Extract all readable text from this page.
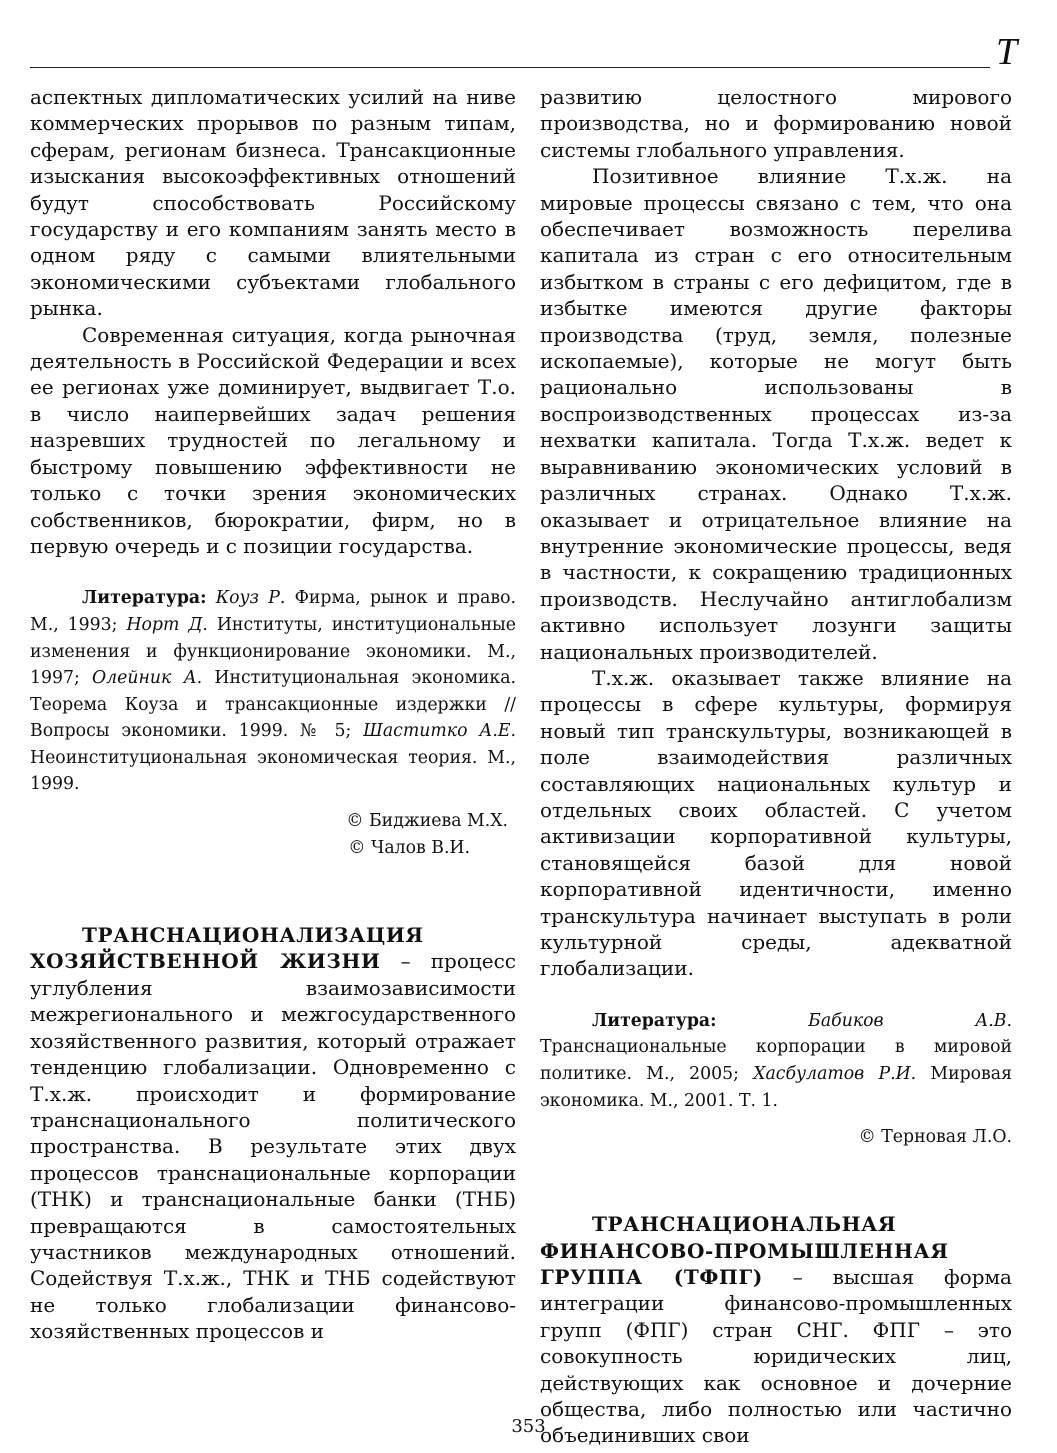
T

аспектных дипломатических усилий на ниве коммерческих прорывов по разным типам, сферам, регионам бизнеса. Трансакционные изыскания высокоэффективных отношений будут способствовать Российскому государству и его компаниям занять место в одном ряду с самыми влиятельными экономическими субъектами глобального рынка.

Современная ситуация, когда рыночная деятельность в Российской Федерации и всех ее регионах уже доминирует, выдвигает Т.о. в число наипервейших задач решения назревших трудностей по легальному и быстрому повышению эффективности не только с точки зрения экономических собственников, бюрократии, фирм, но в первую очередь и с позиции государства.

Литература: Коуз Р. Фирма, рынок и право. М., 1993; Норт Д. Институты, институциональные изменения и функционирование экономики. М., 1997; Олейник А. Институциональная экономика. Теорема Коуза и трансакционные издержки // Вопросы экономики. 1999. № 5; Шаститко А.Е. Неоинституциональная экономическая теория. М., 1999.

© Биджиева М.Х.

© Чалов В.И.

ТРАНСНАЦИОНАЛИЗАЦИЯ ХОЗЯЙСТВЕННОЙ ЖИЗНИ – процесс углубления взаимозависимости межрегионального и межгосударственного хозяйственного развития, который отражает тенденцию глобализации. Одновременно с Т.х.ж. происходит и формирование транснационального политического пространства. В результате этих двух процессов транснациональные корпорации (ТНК) и транснациональные банки (ТНБ) превращаются в самостоятельных участников международных отношений. Содействуя Т.х.ж., ТНК и ТНБ содействуют не только глобализации финансово-хозяйственных процессов и

развитию целостного мирового производства, но и формированию новой системы глобального управления.

Позитивное влияние Т.х.ж. на мировые процессы связано с тем, что она обеспечивает возможность перелива капитала из стран с его относительным избытком в страны с его дефицитом, где в избытке имеются другие факторы производства (труд, земля, полезные ископаемые), которые не могут быть рационально использованы в воспроизводственных процессах из-за нехватки капитала. Тогда Т.х.ж. ведет к выравниванию экономических условий в различных странах. Однако Т.х.ж. оказывает и отрицательное влияние на внутренние экономические процессы, ведя в частности, к сокращению традиционных производств. Неслучайно антиглобализм активно использует лозунги защиты национальных производителей.

Т.х.ж. оказывает также влияние на процессы в сфере культуры, формируя новый тип транскультуры, возникающей в поле взаимодействия различных составляющих национальных культур и отдельных своих областей. С учетом активизации корпоративной культуры, становящейся базой для новой корпоративной идентичности, именно транскультура начинает выступать в роли культурной среды, адекватной глобализации.

Литература:	Бабиков А.В. Транснациональные корпорации в мировой политике. М., 2005; Хасбулатов Р.И. Мировая экономика. М., 2001. Т. 1.

© Терновая Л.О.

ТРАНСНАЦИОНАЛЬНАЯ ФИНАНСОВО-ПРОМЫШЛЕННАЯ ГРУППА (ТФПГ) – высшая форма интеграции финансово-промышленных групп (ФПГ) стран СНГ. ФПГ – это совокупность юридических лиц, действующих как основное и дочерние общества, либо полностью или частично объединивших свои

353
